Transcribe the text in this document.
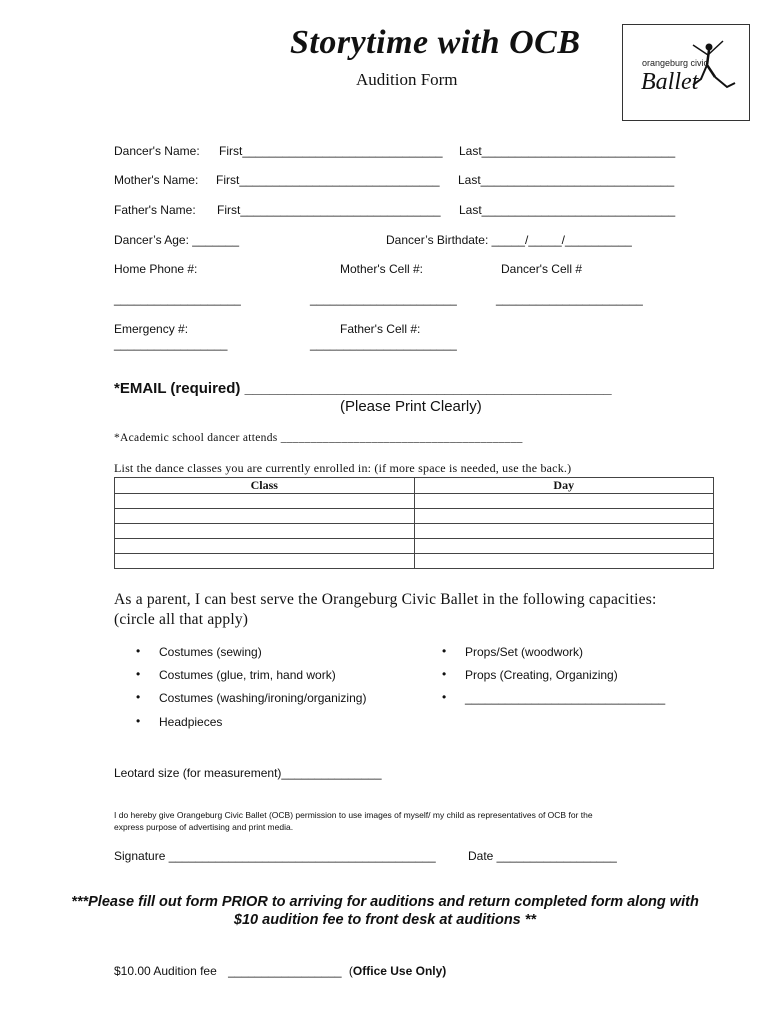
Storytime with OCB
Audition Form
orangeburg civic
Ballet
Dancer's Name: First______________________________ Last_____________________________
Mother's Name: First______________________________ Last_____________________________
Father's Name: First______________________________ Last_____________________________
Dancer’s Age: _______	Dancer’s Birthdate: _____/_____/__________
Home Phone #:	Mother's Cell #:	Dancer's Cell #
___________________	______________________	______________________
Emergency #:	Father's Cell #:
_________________	______________________
*EMAIL (required) ____________________________________________
(Please Print Clearly)
*Academic school dancer attends ________________________________________
List the dance classes you are currently enrolled in: (if more space is needed, use the back.)
Class	Day

As a parent, I can best serve the Orangeburg Civic Ballet in the following capacities:
(circle all that apply)
• Costumes (sewing)
• Costumes (glue, trim, hand work)
• Costumes (washing/ironing/organizing)
• Headpieces
• Props/Set (woodwork)
• Props (Creating, Organizing)
• ______________________________
Leotard size (for measurement)_______________
I do hereby give Orangeburg Civic Ballet (OCB) permission to use images of myself/ my child as representatives of OCB for the
express purpose of advertising and print media.
Signature ________________________________________	Date __________________
***Please fill out form PRIOR to arriving for auditions and return completed form along with
$10 audition fee to front desk at auditions **
$10.00 Audition fee _________________ (Office Use Only)
